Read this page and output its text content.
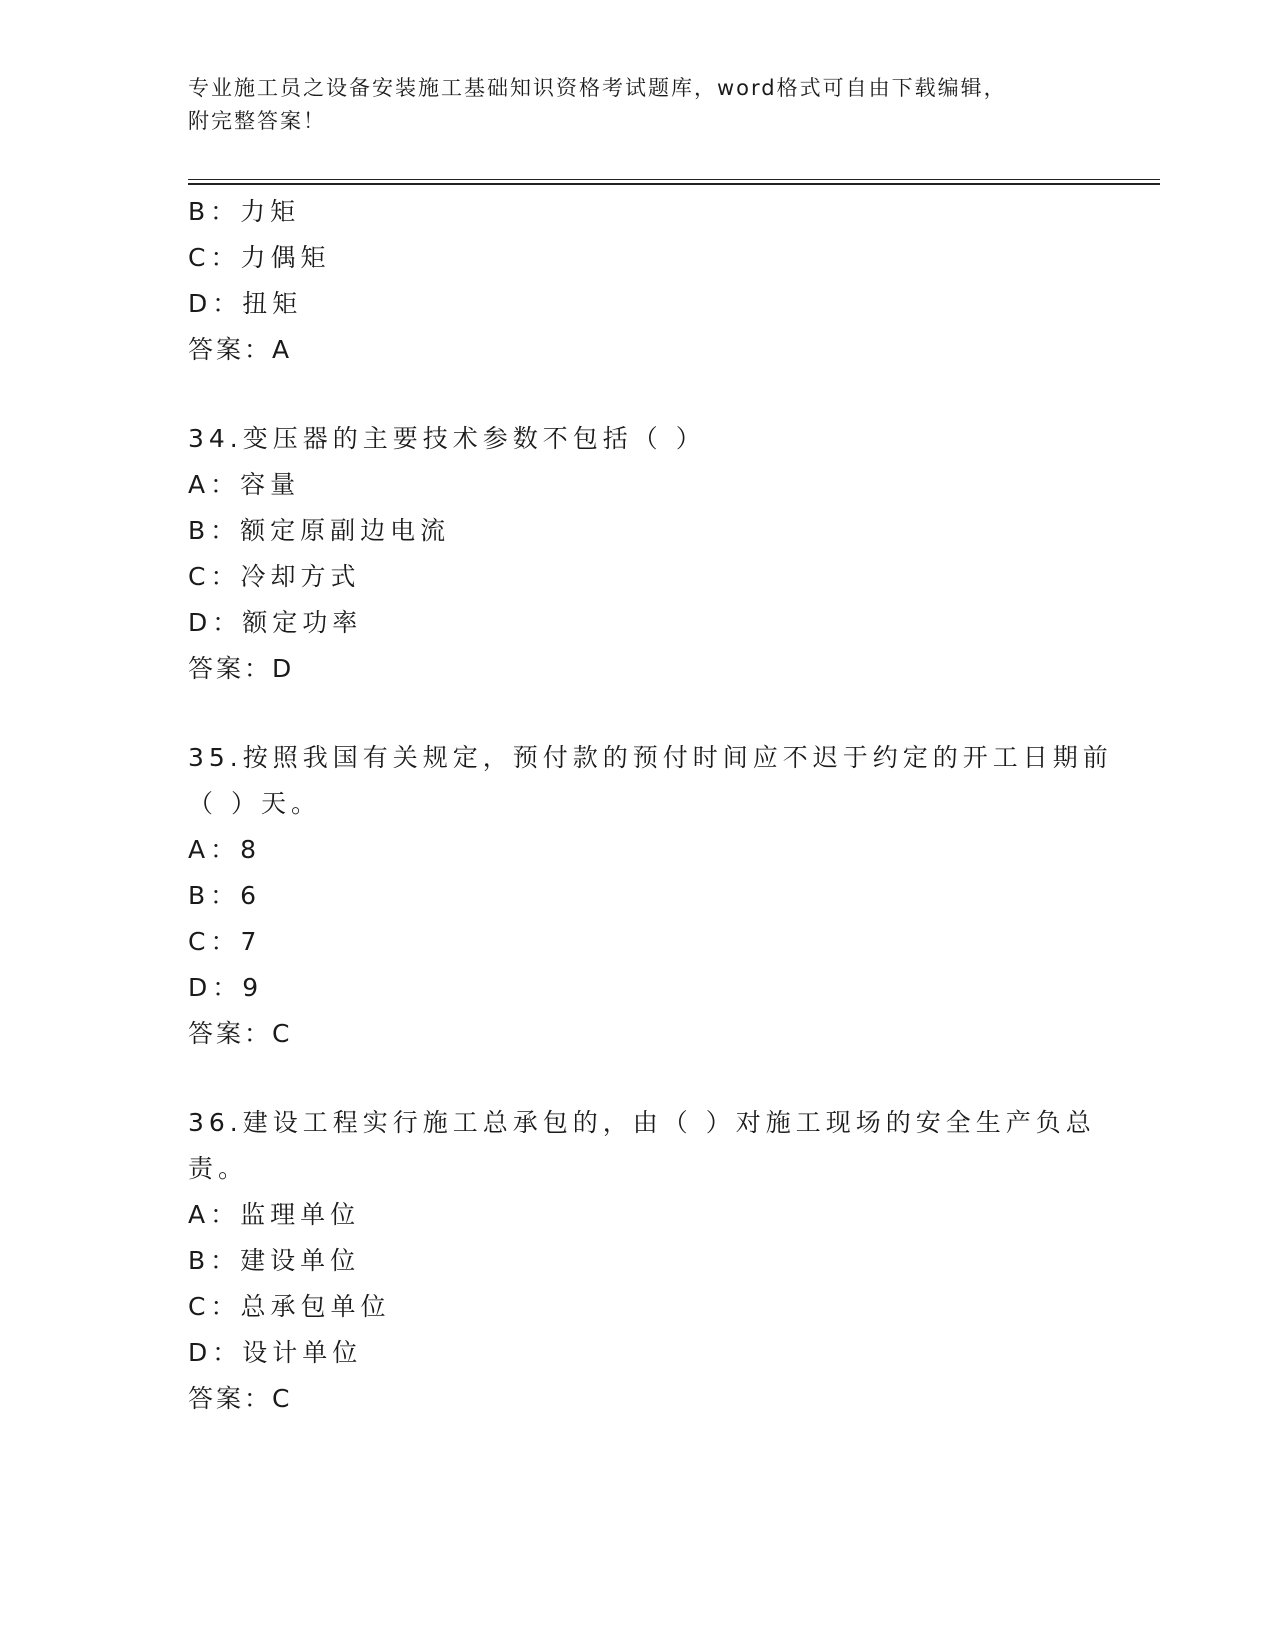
专业施工员之设备安装施工基础知识资格考试题库，word格式可自由下载编辑，
附完整答案！
B：力矩
C：力偶矩
D：扭矩
答案：A
34.变压器的主要技术参数不包括（ ）
A：容量
B：额定原副边电流
C：冷却方式
D：额定功率
答案：D
35.按照我国有关规定，预付款的预付时间应不迟于约定的开工日期前
（ ）天。
A：8
B：6
C：7
D：9
答案：C
36.建设工程实行施工总承包的，由（ ）对施工现场的安全生产负总
责。
A：监理单位
B：建设单位
C：总承包单位
D：设计单位
答案：C
